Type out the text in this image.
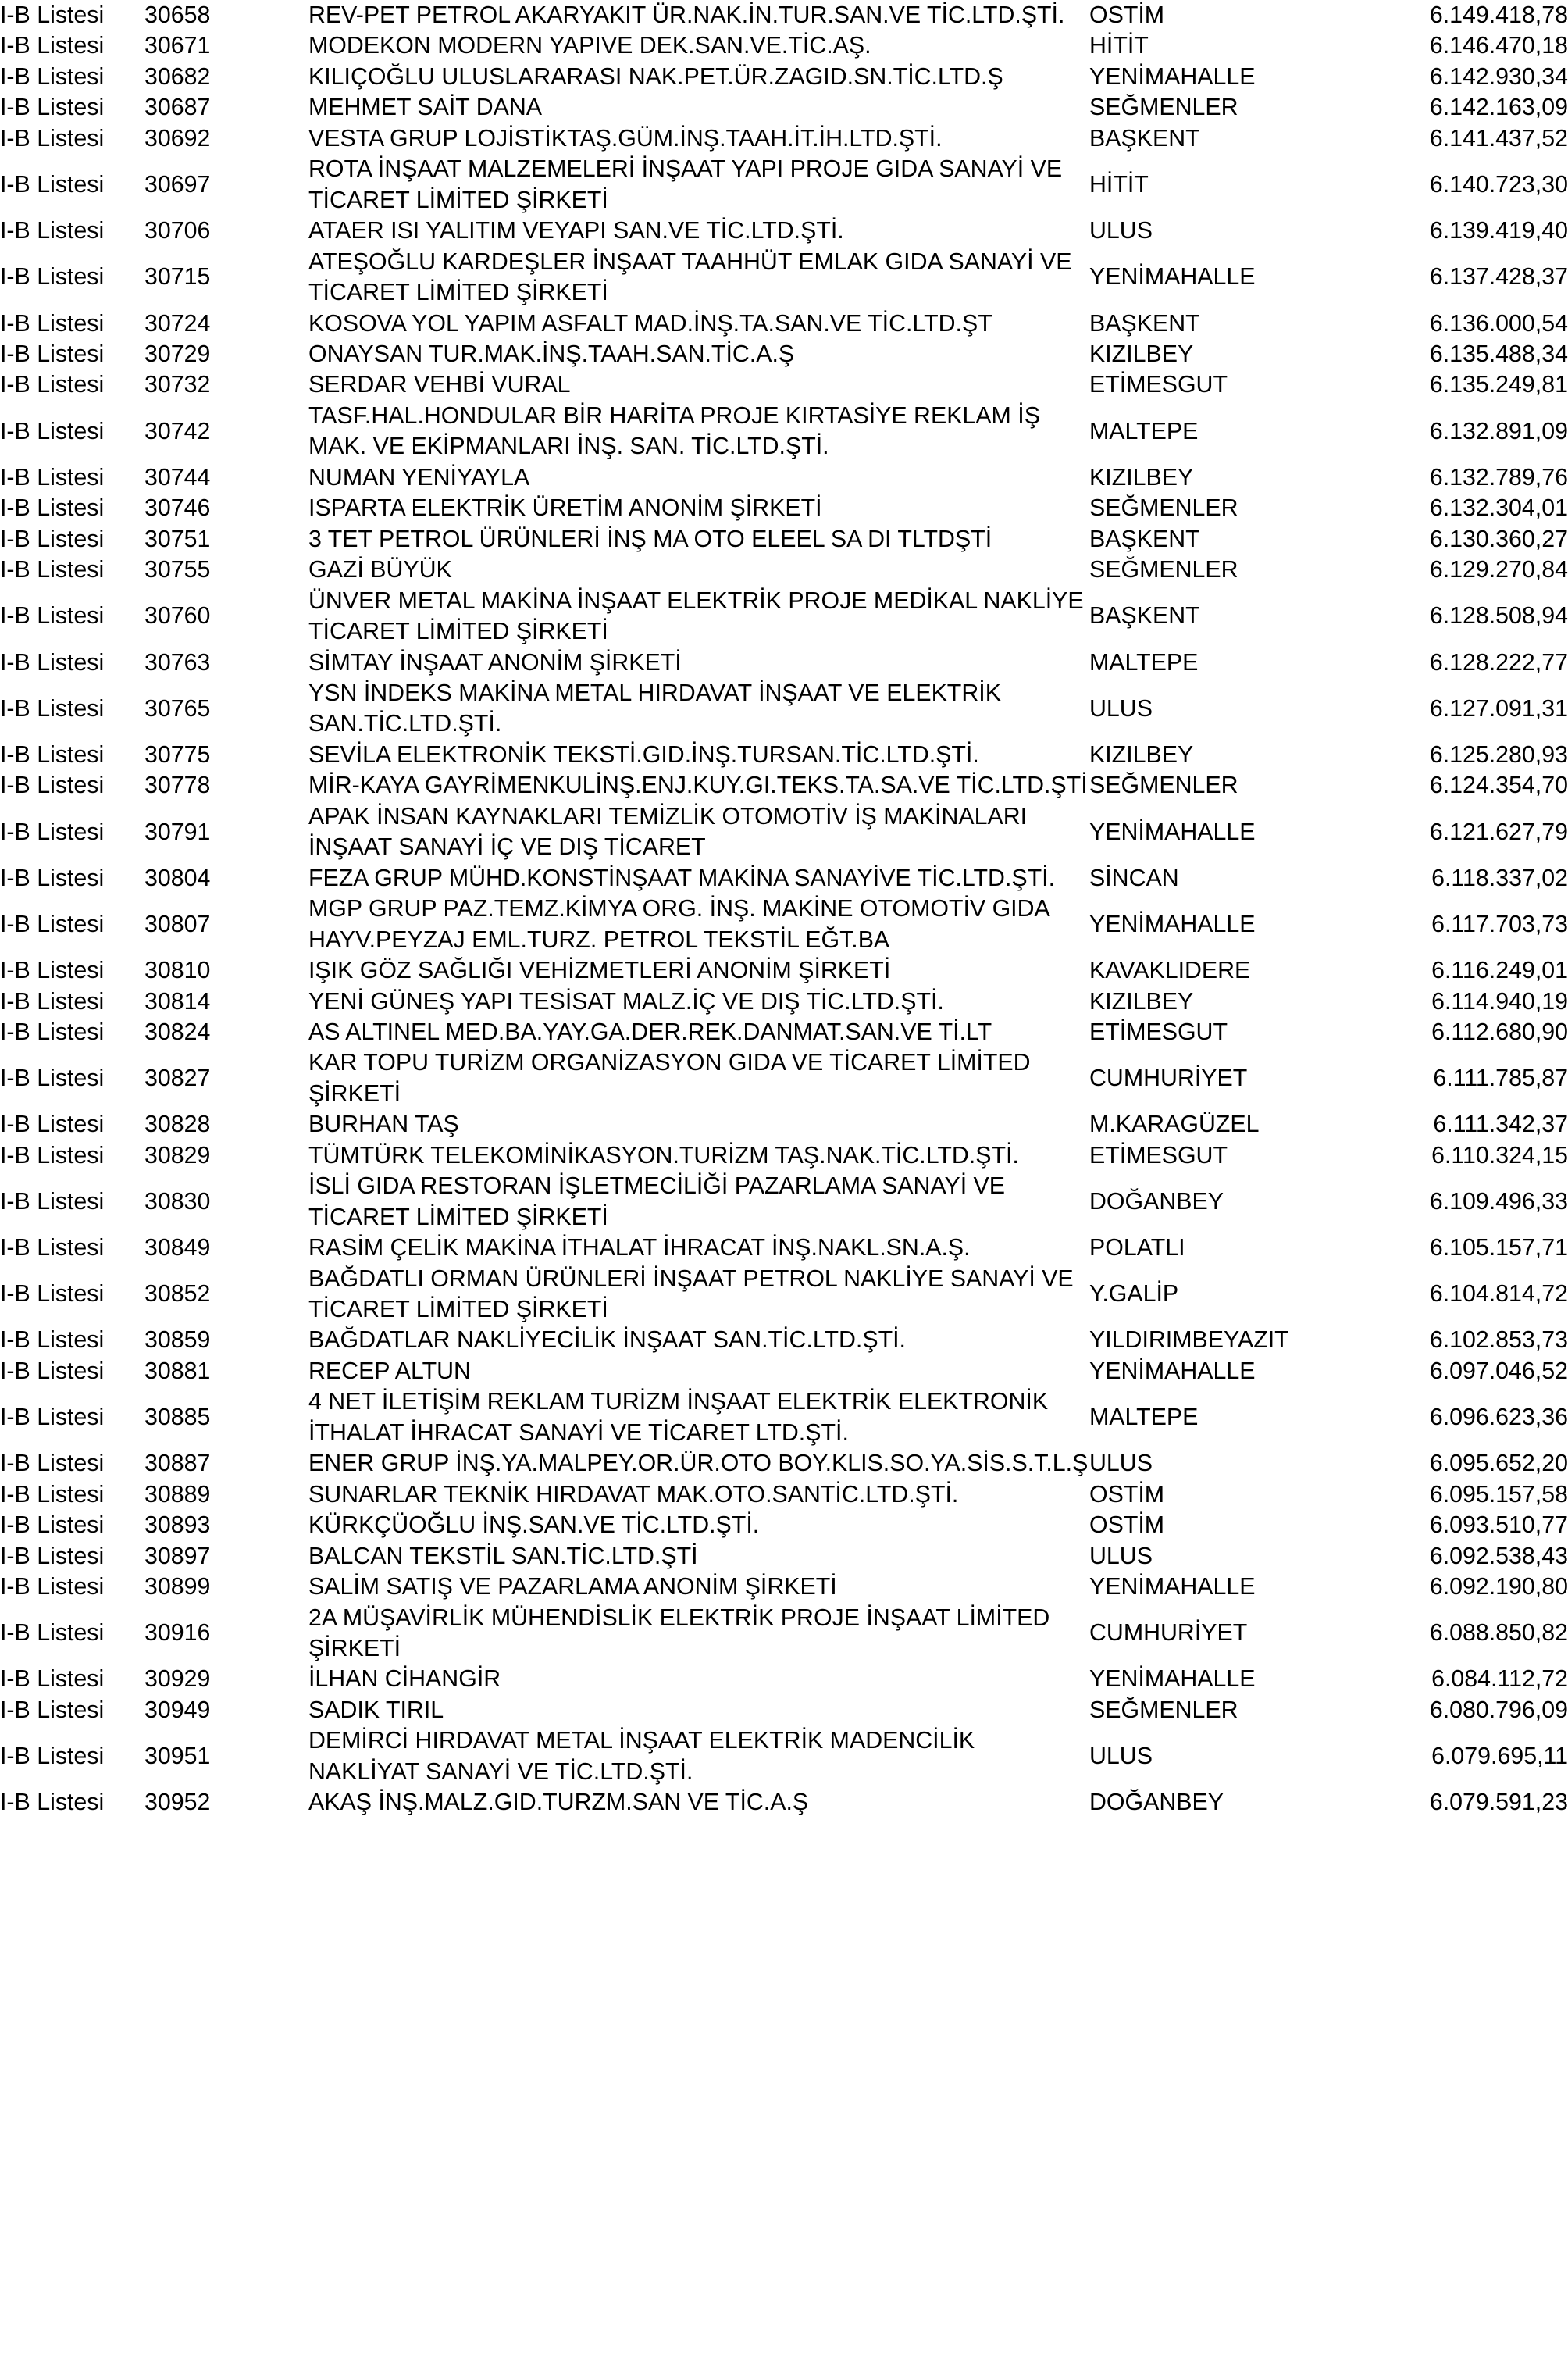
I-B Listesi	30658		REV-PET PETROL AKARYAKIT ÜR.NAK.İN.TUR.SAN.VE TİC.LTD.ŞTİ.	OSTİM	6.149.418,78
I-B Listesi	30671		MODEKON MODERN YAPIVE DEK.SAN.VE.TİC.AŞ.	HİTİT	6.146.470,18
I-B Listesi	30682		KILIÇOĞLU ULUSLARARASI NAK.PET.ÜR.ZAGID.SN.TİC.LTD.Ş	YENİMAHALLE	6.142.930,34
I-B Listesi	30687		MEHMET SAİT DANA	SEĞMENLER	6.142.163,09
I-B Listesi	30692		VESTA GRUP LOJİSTİKTAŞ.GÜM.İNŞ.TAAH.İT.İH.LTD.ŞTİ.	BAŞKENT	6.141.437,52
I-B Listesi	30697		ROTA İNŞAAT MALZEMELERİ İNŞAAT YAPI PROJE GIDA SANAYİ VE TİCARET LİMİTED ŞİRKETİ	HİTİT	6.140.723,30
I-B Listesi	30706		ATAER ISI YALITIM VEYAPI SAN.VE TİC.LTD.ŞTİ.	ULUS	6.139.419,40
I-B Listesi	30715		ATEŞOĞLU KARDEŞLER İNŞAAT TAAHHÜT EMLAK GIDA SANAYİ VE TİCARET LİMİTED ŞİRKETİ	YENİMAHALLE	6.137.428,37
I-B Listesi	30724		KOSOVA YOL YAPIM ASFALT MAD.İNŞ.TA.SAN.VE TİC.LTD.ŞT	BAŞKENT	6.136.000,54
I-B Listesi	30729		ONAYSAN TUR.MAK.İNŞ.TAAH.SAN.TİC.A.Ş	KIZILBEY	6.135.488,34
I-B Listesi	30732		SERDAR VEHBİ VURAL	ETİMESGUT	6.135.249,81
I-B Listesi	30742		TASF.HAL.HONDULAR BİR HARİTA PROJE KIRTASİYE REKLAM İŞ MAK. VE EKİPMANLARI İNŞ. SAN. TİC.LTD.ŞTİ.	MALTEPE	6.132.891,09
I-B Listesi	30744		NUMAN YENİYAYLA	KIZILBEY	6.132.789,76
I-B Listesi	30746		ISPARTA ELEKTRİK ÜRETİM ANONİM ŞİRKETİ	SEĞMENLER	6.132.304,01
I-B Listesi	30751		3 TET PETROL ÜRÜNLERİ İNŞ MA OTO ELEEL SA DI TLTDŞTİ	BAŞKENT	6.130.360,27
I-B Listesi	30755		GAZİ BÜYÜK	SEĞMENLER	6.129.270,84
I-B Listesi	30760		ÜNVER METAL MAKİNA İNŞAAT ELEKTRİK PROJE MEDİKAL NAKLİYE TİCARET LİMİTED ŞİRKETİ	BAŞKENT	6.128.508,94
I-B Listesi	30763		SİMTAY İNŞAAT ANONİM ŞİRKETİ	MALTEPE	6.128.222,77
I-B Listesi	30765		YSN İNDEKS MAKİNA METAL HIRDAVAT İNŞAAT VE ELEKTRİK SAN.TİC.LTD.ŞTİ.	ULUS	6.127.091,31
I-B Listesi	30775		SEVİLA ELEKTRONİK TEKSTİ.GID.İNŞ.TURSAN.TİC.LTD.ŞTİ.	KIZILBEY	6.125.280,93
I-B Listesi	30778		MİR-KAYA GAYRİMENKULİNŞ.ENJ.KUY.GI.TEKS.TA.SA.VE TİC.LTD.ŞTİ	SEĞMENLER	6.124.354,70
I-B Listesi	30791		APAK İNSAN KAYNAKLARI TEMİZLİK OTOMOTİV İŞ MAKİNALARI İNŞAAT SANAYİ İÇ VE DIŞ TİCARET	YENİMAHALLE	6.121.627,79
I-B Listesi	30804		FEZA GRUP MÜHD.KONSTİNŞAAT MAKİNA SANAYİVE TİC.LTD.ŞTİ.	SİNCAN	6.118.337,02
I-B Listesi	30807		MGP GRUP PAZ.TEMZ.KİMYA ORG. İNŞ. MAKİNE OTOMOTİV GIDA HAYV.PEYZAJ EML.TURZ. PETROL TEKSTİL EĞT.BA	YENİMAHALLE	6.117.703,73
I-B Listesi	30810		IŞIK GÖZ SAĞLIĞI VEHİZMETLERİ ANONİM ŞİRKETİ	KAVAKLIDERE	6.116.249,01
I-B Listesi	30814		YENİ GÜNEŞ YAPI TESİSAT MALZ.İÇ VE DIŞ TİC.LTD.ŞTİ.	KIZILBEY	6.114.940,19
I-B Listesi	30824		AS ALTINEL MED.BA.YAY.GA.DER.REK.DANMAT.SAN.VE Tİ.LT	ETİMESGUT	6.112.680,90
I-B Listesi	30827		KAR TOPU TURİZM ORGANİZASYON GIDA VE TİCARET LİMİTED ŞİRKETİ	CUMHURİYET	6.111.785,87
I-B Listesi	30828		BURHAN TAŞ	M.KARAGÜZEL	6.111.342,37
I-B Listesi	30829		TÜMTÜRK TELEKOMİNİKASYON.TURİZM TAŞ.NAK.TİC.LTD.ŞTİ.	ETİMESGUT	6.110.324,15
I-B Listesi	30830		İSLİ GIDA RESTORAN İŞLETMECİLİĞİ PAZARLAMA SANAYİ VE TİCARET LİMİTED ŞİRKETİ	DOĞANBEY	6.109.496,33
I-B Listesi	30849		RASİM ÇELİK MAKİNA İTHALAT İHRACAT İNŞ.NAKL.SN.A.Ş.	POLATLI	6.105.157,71
I-B Listesi	30852		BAĞDATLI ORMAN ÜRÜNLERİ İNŞAAT PETROL NAKLİYE SANAYİ VE TİCARET LİMİTED ŞİRKETİ	Y.GALİP	6.104.814,72
I-B Listesi	30859		BAĞDATLAR NAKLİYECİLİK İNŞAAT SAN.TİC.LTD.ŞTİ.	YILDIRIMBEYAZIT	6.102.853,73
I-B Listesi	30881		RECEP ALTUN	YENİMAHALLE	6.097.046,52
I-B Listesi	30885		4 NET İLETİŞİM REKLAM TURİZM İNŞAAT ELEKTRİK ELEKTRONİK İTHALAT İHRACAT SANAYİ VE TİCARET LTD.ŞTİ.	MALTEPE	6.096.623,36
I-B Listesi	30887		ENER GRUP İNŞ.YA.MALPEY.OR.ÜR.OTO BOY.KLIS.SO.YA.SİS.S.T.L.Ş	ULUS	6.095.652,20
I-B Listesi	30889		SUNARLAR TEKNİK HIRDAVAT MAK.OTO.SANTİC.LTD.ŞTİ.	OSTİM	6.095.157,58
I-B Listesi	30893		KÜRKÇÜOĞLU İNŞ.SAN.VE TİC.LTD.ŞTİ.	OSTİM	6.093.510,77
I-B Listesi	30897		BALCAN TEKSTİL SAN.TİC.LTD.ŞTİ	ULUS	6.092.538,43
I-B Listesi	30899		SALİM SATIŞ VE PAZARLAMA ANONİM ŞİRKETİ	YENİMAHALLE	6.092.190,80
I-B Listesi	30916		2A MÜŞAVİRLİK MÜHENDİSLİK ELEKTRİK PROJE İNŞAAT LİMİTED ŞİRKETİ	CUMHURİYET	6.088.850,82
I-B Listesi	30929		İLHAN CİHANGİR	YENİMAHALLE	6.084.112,72
I-B Listesi	30949		SADIK TIRIL	SEĞMENLER	6.080.796,09
I-B Listesi	30951		DEMİRCİ HIRDAVAT METAL İNŞAAT ELEKTRİK MADENCİLİK NAKLİYAT SANAYİ VE TİC.LTD.ŞTİ.	ULUS	6.079.695,11
I-B Listesi	30952		AKAŞ İNŞ.MALZ.GID.TURZM.SAN VE TİC.A.Ş	DOĞANBEY	6.079.591,23
